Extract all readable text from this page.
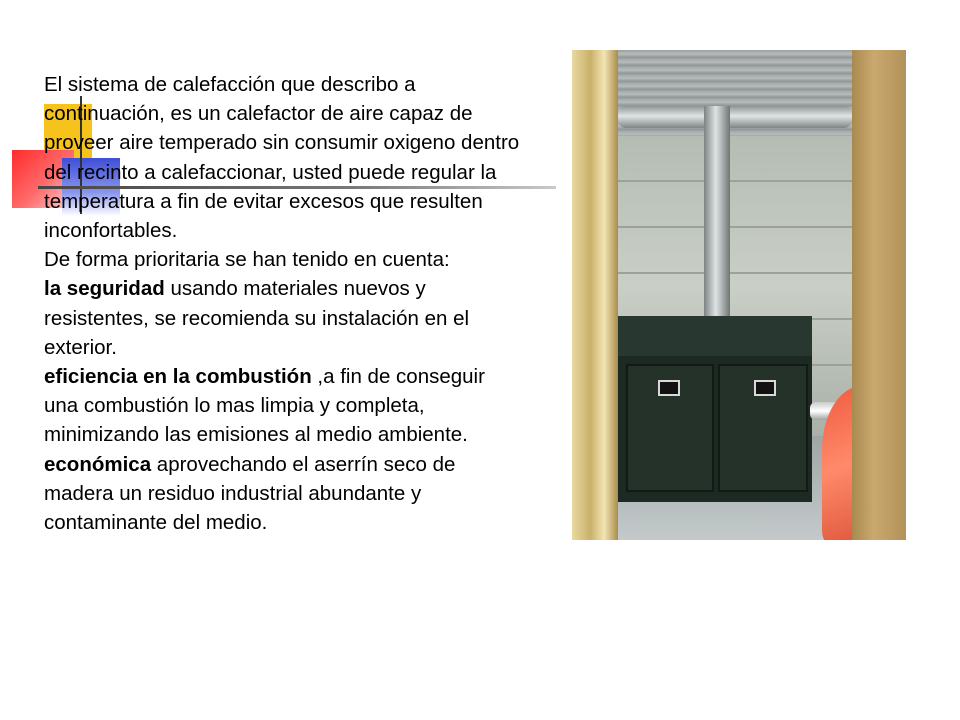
El sistema de calefacción que describo a continuación, es un calefactor de aire capaz de proveer aire temperado sin consumir oxigeno dentro del recinto a calefaccionar, usted puede regular la temperatura a fin de evitar excesos que resulten inconfortables.

De forma prioritaria se han tenido en cuenta:

la seguridad usando materiales nuevos y resistentes, se recomienda su instalación en el exterior.

eficiencia en la combustión ,a fin de conseguir una combustión lo mas limpia y completa, minimizando las emisiones al medio ambiente.

económica aprovechando el aserrín seco de madera un residuo industrial abundante y contaminante del medio.
